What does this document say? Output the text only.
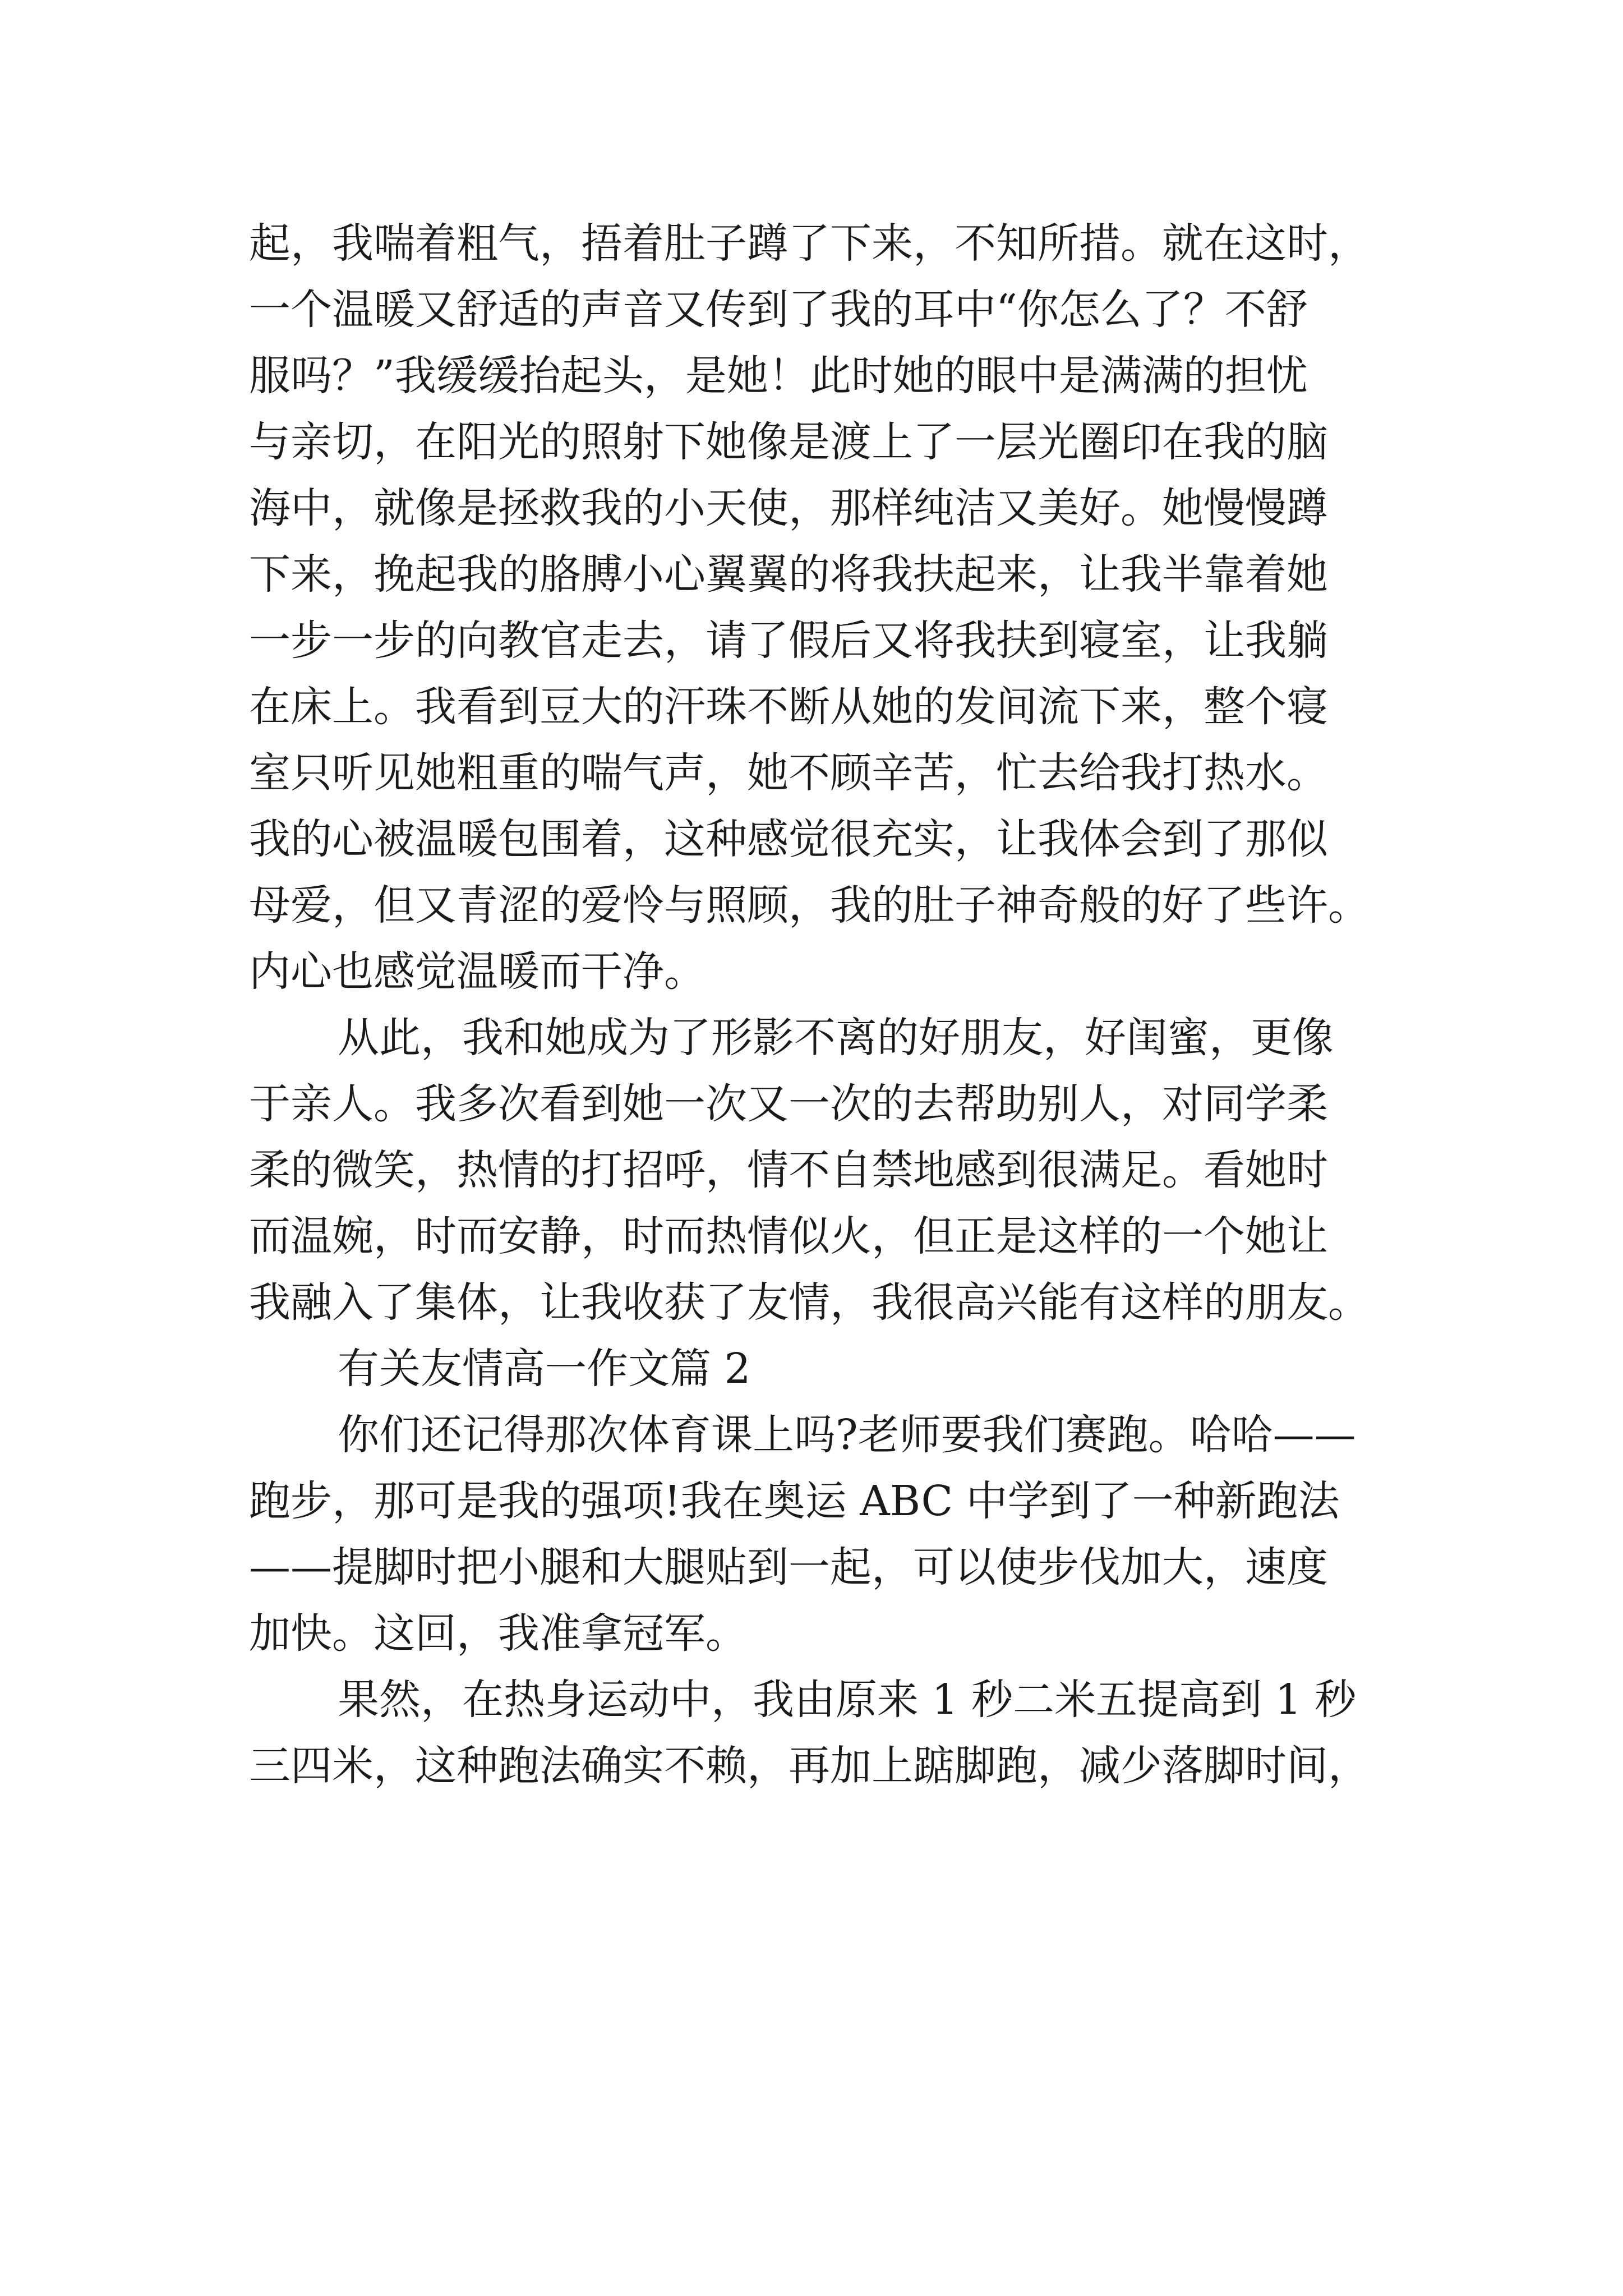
起，我喘着粗气，捂着肚子蹲了下来，不知所措。就在这时，
一个温暖又舒适的声音又传到了我的耳中“你怎么了？不舒
服吗？”我缓缓抬起头，是她！此时她的眼中是满满的担忧
与亲切，在阳光的照射下她像是渡上了一层光圈印在我的脑
海中，就像是拯救我的小天使，那样纯洁又美好。她慢慢蹲
下来，挽起我的胳膊小心翼翼的将我扶起来，让我半靠着她
一步一步的向教官走去，请了假后又将我扶到寝室，让我躺
在床上。我看到豆大的汗珠不断从她的发间流下来，整个寝
室只听见她粗重的喘气声，她不顾辛苦，忙去给我打热水。
我的心被温暖包围着，这种感觉很充实，让我体会到了那似
母爱，但又青涩的爱怜与照顾，我的肚子神奇般的好了些许。
内心也感觉温暖而干净。
从此，我和她成为了形影不离的好朋友，好闺蜜，更像
于亲人。我多次看到她一次又一次的去帮助别人，对同学柔
柔的微笑，热情的打招呼，情不自禁地感到很满足。看她时
而温婉，时而安静，时而热情似火，但正是这样的一个她让
我融入了集体，让我收获了友情，我很高兴能有这样的朋友。
有关友情高一作文篇 2
你们还记得那次体育课上吗?老师要我们赛跑。哈哈——
跑步，那可是我的强项!我在奥运 ABC 中学到了一种新跑法
——提脚时把小腿和大腿贴到一起，可以使步伐加大，速度
加快。这回，我准拿冠军。
果然，在热身运动中，我由原来 1 秒二米五提高到 1 秒
三四米，这种跑法确实不赖，再加上踮脚跑，减少落脚时间，
